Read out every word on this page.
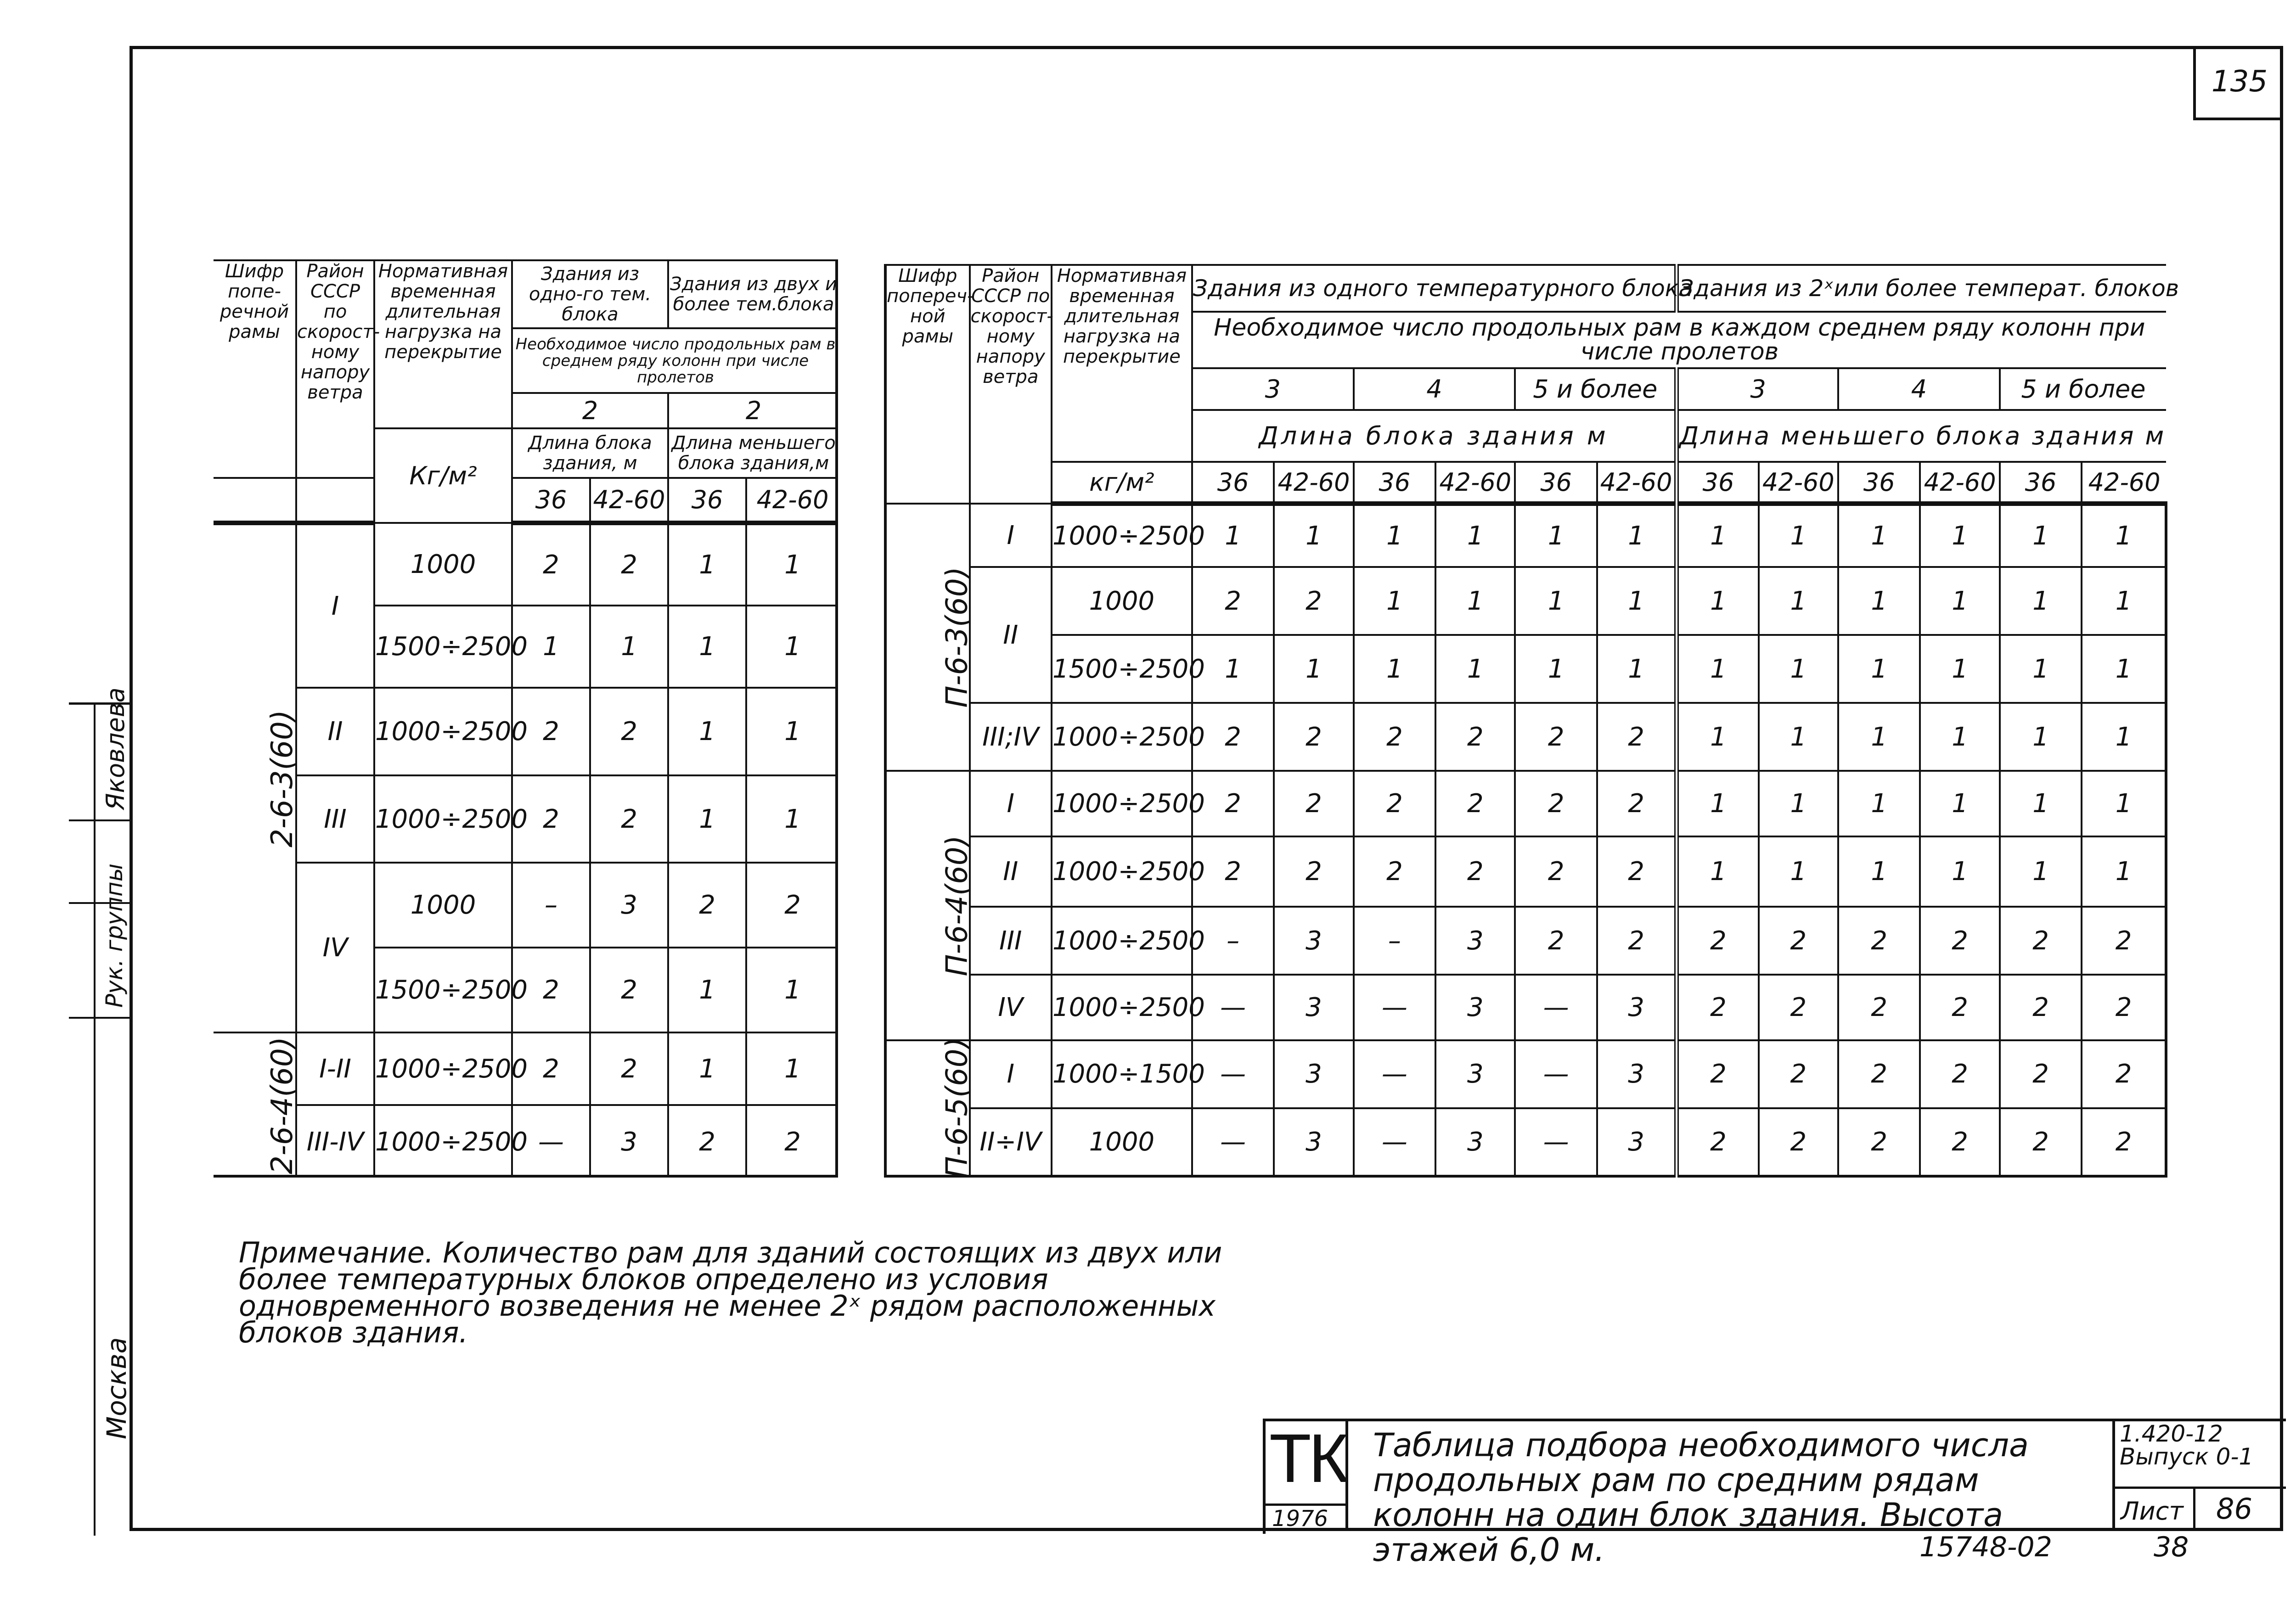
135
Рук. группы
Яковлева
Москва
Шифр попе-речной рамы	Район СССР по скорост-ному напору ветра	Нормативная временная длительная нагрузка на перекрытие	Здания из одно-го тем. блока		Здания из двух и более тем.блока	
			Необходимое число продольных рам в среднем ряду колонн при числе пролетов			
			2		2	
		Кг/м²	Длина блока здания, м		Длина меньшего блока здания,м	
			36	42-60	36	42-60
2-6-3(60)	I	1000	2	2	1	1
		1500÷2500	1	1	1	1
	II	1000÷2500	2	2	1	1
	III	1000÷2500	2	2	1	1
	IV	1000	–	3	2	2
		1500÷2500	2	2	1	1
2-6-4(60)	I-II	1000÷2500	2	2	1	1
	III-IV	1000÷2500	—	3	2	2
Шифр попереч-ной рамы	Район СССР по скорост-ному напору ветра	Нормативная временная длительная нагрузка на перекрытие	Здания из одного температурного блока						Здания из 2ˣили более температ. блоков					
			Необходимое число продольных рам в каждом среднем ряду колонн при числе пролетов											
			3		4		5 и более		3		4		5 и более	
			Длина блока здания м						Длина меньшего блока здания м					
		кг/м²	36	42-60	36	42-60	36	42-60	36	42-60	36	42-60	36	42-60
П-6-3(60)	I	1000÷2500	1	1	1	1	1	1	1	1	1	1	1	1
	II	1000	2	2	1	1	1	1	1	1	1	1	1	1
		1500÷2500	1	1	1	1	1	1	1	1	1	1	1	1
	III;IV	1000÷2500	2	2	2	2	2	2	1	1	1	1	1	1
П-6-4(60)	I	1000÷2500	2	2	2	2	2	2	1	1	1	1	1	1
	II	1000÷2500	2	2	2	2	2	2	1	1	1	1	1	1
	III	1000÷2500	–	3	–	3	2	2	2	2	2	2	2	2
	IV	1000÷2500	—	3	—	3	—	3	2	2	2	2	2	2
П-6-5(60)	I	1000÷1500	—	3	—	3	—	3	2	2	2	2	2	2
	II÷IV	1000	—	3	—	3	—	3	2	2	2	2	2	2
Примечание. Количество рам для зданий состоящих из двух или более температурных блоков определено из условия одновременного возведения не менее 2ˣ рядом расположенных блоков здания.
ТК
1976
Таблица подбора необходимого числа продольных рам по средним рядам колонн на один блок здания. Высота этажей 6,0 м.
1.420-12
Выпуск 0-1
Лист 86
15748-02	38
